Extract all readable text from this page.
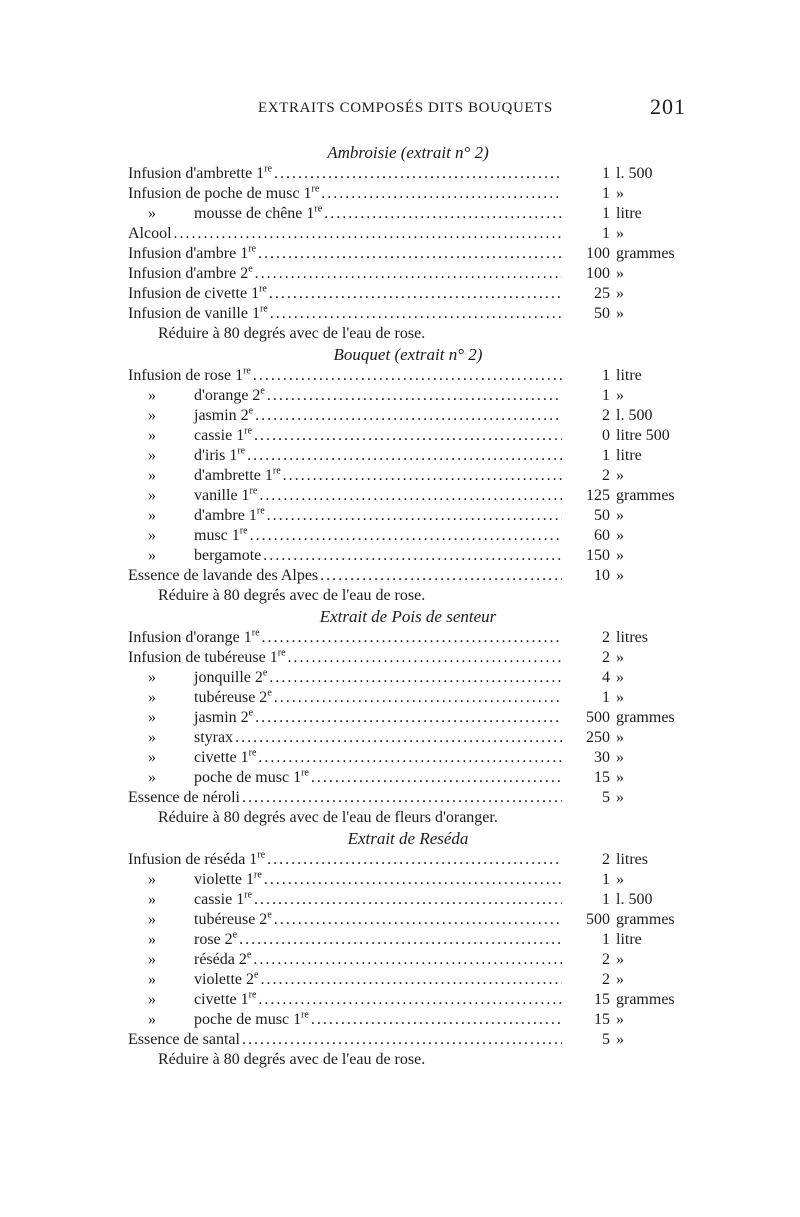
EXTRAITS COMPOSÉS DITS BOUQUETS	201
Ambroisie (extrait n° 2)
Infusion d'ambrette 1re .....	1 l. 500
Infusion de poche de musc 1re .....	1 »
»	mousse de chêne 1re .....	1 litre
Alcool .....	1 »
Infusion d'ambre 1re .....	100 grammes
Infusion d'ambre 2e .....	100 »
Infusion de civette 1re .....	25 »
Infusion de vanille 1re .....	50 »
Réduire à 80 degrés avec de l'eau de rose.
Bouquet (extrait n° 2)
Infusion de rose 1re .....	1 litre
»	d'orange 2e .....	1 »
»	jasmin 2e .....	2 l. 500
»	cassie 1re .....	0 litre 500
»	d'iris 1re .....	1 litre
»	d'ambrette 1re .....	2 »
»	vanille 1re .....	125 grammes
»	d'ambre 1re .....	50 »
»	musc 1re .....	60 »
»	bergamote .....	150 »
Essence de lavande des Alpes .....	10 »
Réduire à 80 degrés avec de l'eau de rose.
Extrait de Pois de senteur
Infusion d'orange 1re .....	2 litres
Infusion de tubéreuse 1re .....	2 »
»	jonquille 2e .....	4 »
»	tubéreuse 2e .....	1 »
»	jasmin 2e .....	500 grammes
»	styrax .....	250 »
»	civette 1re .....	30 »
»	poche de musc 1re .....	15 »
Essence de néroli .....	5 »
Réduire à 80 degrés avec de l'eau de fleurs d'oranger.
Extrait de Reséda
Infusion de réséda 1re .....	2 litres
»	violette 1re .....	1 »
»	cassie 1re .....	1 l. 500
»	tubéreuse 2e .....	500 grammes
»	rose 2e .....	1 litre
»	réséda 2e .....	2 »
»	violette 2e .....	2 »
»	civette 1re .....	15 grammes
»	poche de musc 1re .....	15 »
Essence de santal .....	5 »
Réduire à 80 degrés avec de l'eau de rose.
